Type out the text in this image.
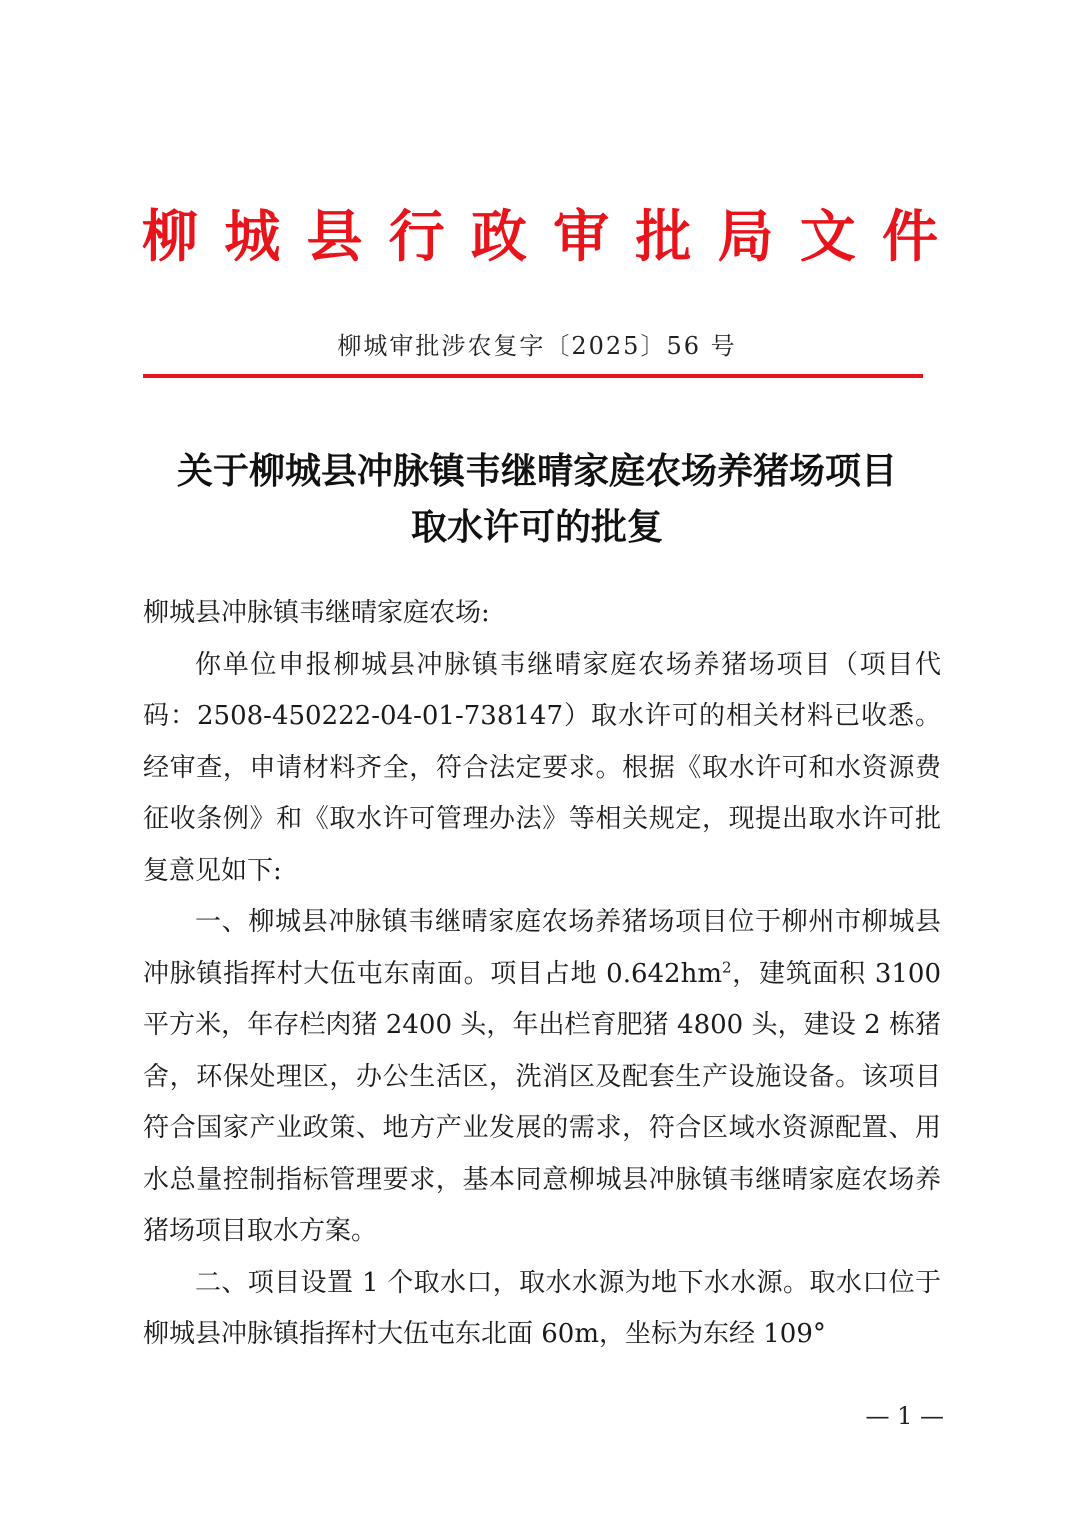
柳 城 县 行 政 审 批 局 文 件
柳城审批涉农复字〔2025〕56 号
关于柳城县冲脉镇韦继晴家庭农场养猪场项目
取水许可的批复

柳城县冲脉镇韦继晴家庭农场:

你单位申报柳城县冲脉镇韦继晴家庭农场养猪场项目（项目代码：2508-450222-04-01-738147）取水许可的相关材料已收悉。经审查，申请材料齐全，符合法定要求。根据《取水许可和水资源费征收条例》和《取水许可管理办法》等相关规定，现提出取水许可批复意见如下:

一、柳城县冲脉镇韦继晴家庭农场养猪场项目位于柳州市柳城县冲脉镇指挥村大伍屯东南面。项目占地 $0.642hm^2$，建筑面积 3100 平方米，年存栏肉猪 2400 头，年出栏育肥猪 4800 头，建设 2 栋猪舍，环保处理区，办公生活区，洗消区及配套生产设施设备。该项目符合国家产业政策、地方产业发展的需求，符合区域水资源配置、用水总量控制指标管理要求，基本同意柳城县冲脉镇韦继晴家庭农场养猪场项目取水方案。

二、项目设置 1 个取水口，取水水源为地下水水源。取水口位于柳城县冲脉镇指挥村大伍屯东北面 60m，坐标为东经 109°

— 1 —
